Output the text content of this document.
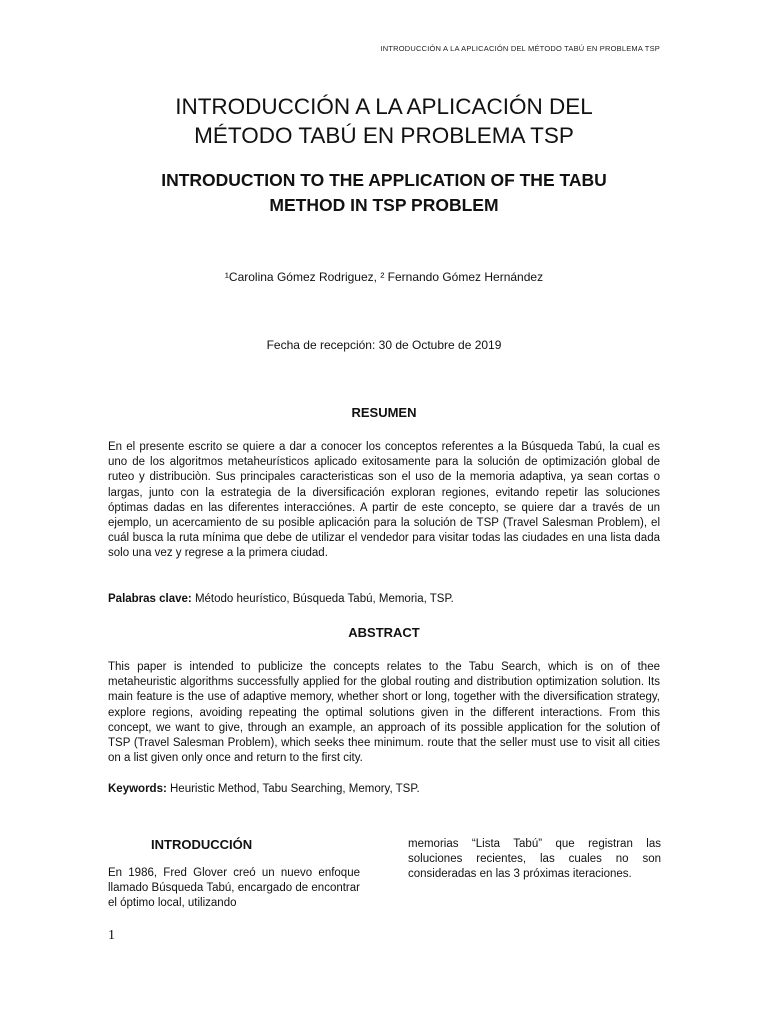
INTRODUCCIÓN A LA APLICACIÓN DEL MÉTODO TABÚ EN PROBLEMA TSP
INTRODUCCIÓN A LA APLICACIÓN DEL
MÉTODO TABÚ EN PROBLEMA TSP
INTRODUCTION TO THE APPLICATION OF THE TABU
METHOD IN TSP PROBLEM
¹Carolina Gómez Rodriguez, ² Fernando Gómez Hernández
Fecha de recepción: 30 de Octubre de 2019
RESUMEN

En el presente escrito se quiere a dar a conocer los conceptos referentes a la Búsqueda Tabú, la cual es uno de los algoritmos metaheurísticos aplicado exitosamente para la solución de optimización global de ruteo y distribuciòn. Sus principales caracteristicas son el uso de la memoria adaptiva, ya sean cortas o largas, junto con la estrategia de la diversificación exploran regiones, evitando repetir las soluciones óptimas dadas en las diferentes interacciónes. A partir de este concepto, se quiere dar a través de un ejemplo, un acercamiento de su posible aplicación para la solución de TSP (Travel Salesman Problem), el cuál busca la ruta mínima que debe de utilizar el vendedor para visitar todas las ciudades en una lista dada solo una vez y regrese a la primera ciudad.

Palabras clave: Método heurístico, Búsqueda Tabú, Memoria, TSP.

ABSTRACT

This paper is intended to publicize the concepts relates to the Tabu Search, which is on of thee metaheuristic algorithms successfully applied for the global routing and distribution optimization solution. Its main feature is the use of adaptive memory, whether short or long, together with the diversification strategy, explore regions, avoiding repeating the optimal solutions given in the different interactions. From this concept, we want to give, through an example, an approach of its possible application for the solution of TSP (Travel Salesman Problem), which seeks thee minimum. route that the seller must use to visit all cities on a list given only once and return to the first city.

Keywords: Heuristic Method, Tabu Searching, Memory, TSP.

INTRODUCCIÓN

En 1986, Fred Glover creó un nuevo enfoque llamado Búsqueda Tabú, encargado de encontrar el óptimo local, utilizando

memorias “Lista Tabú” que registran las soluciones recientes, las cuales no son consideradas en las 3 próximas iteraciones.

1
